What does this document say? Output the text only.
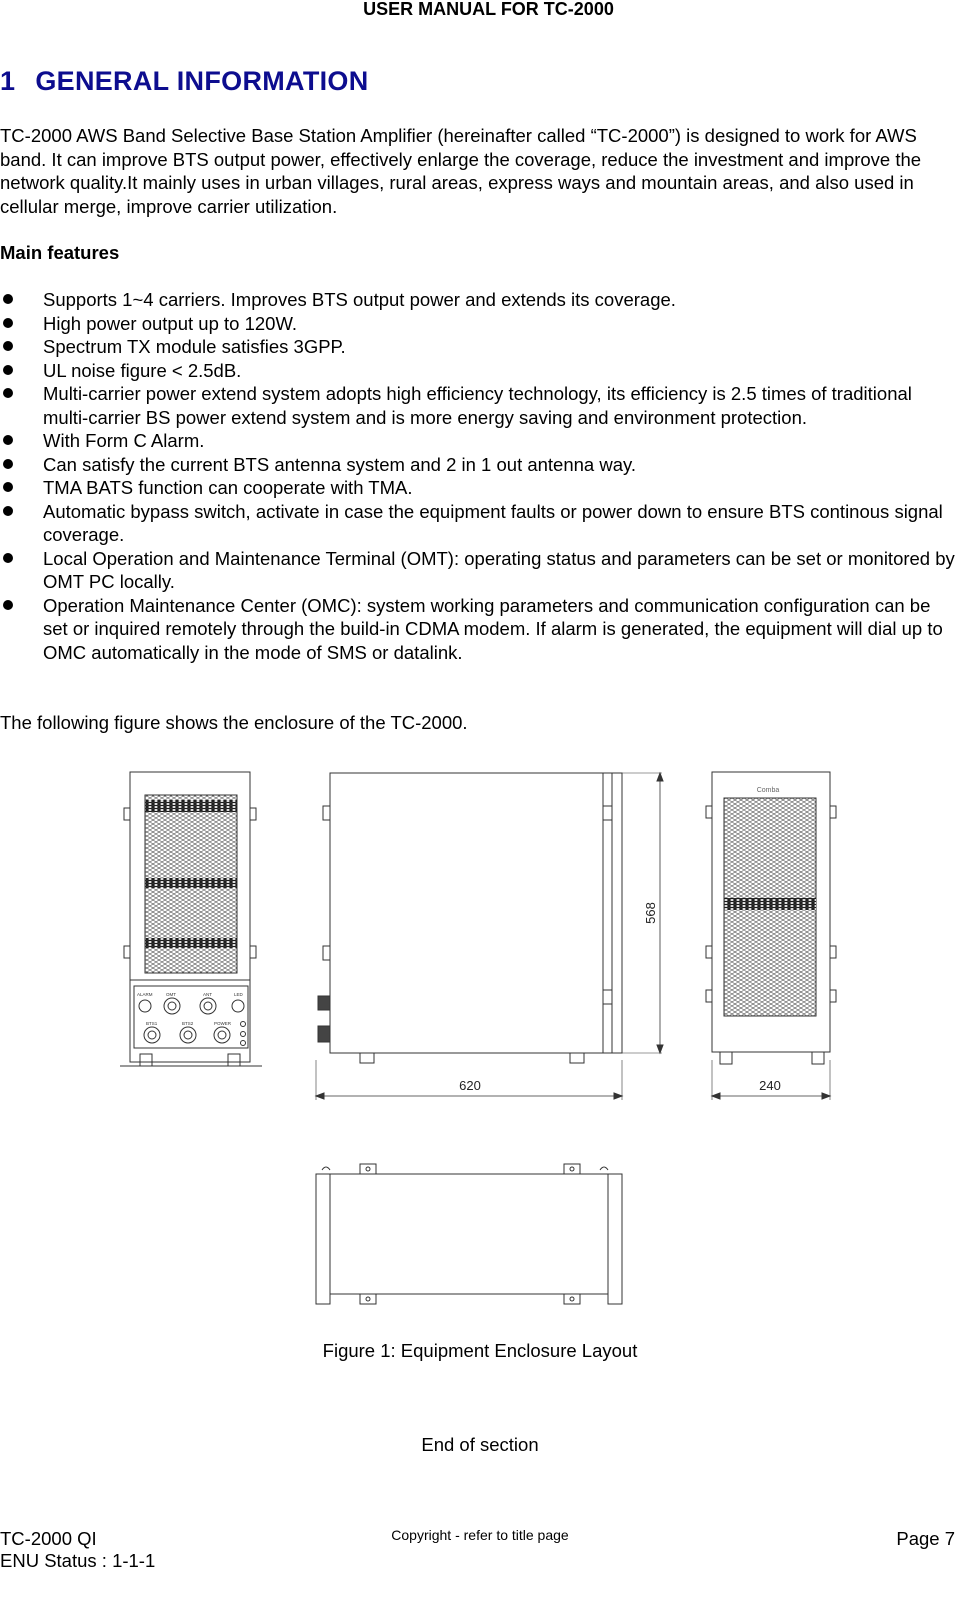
USER MANUAL FOR TC-2000
1 GENERAL INFORMATION
TC-2000 AWS Band Selective Base Station Amplifier (hereinafter called “TC-2000”) is designed to work for AWS band. It can improve BTS output power, effectively enlarge the coverage, reduce the investment and improve the network quality.It mainly uses in urban villages, rural areas, express ways and mountain areas, and also used in cellular merge, improve carrier utilization.
Main features
Supports 1~4 carriers. Improves BTS output power and extends its coverage.
High power output up to 120W.
Spectrum TX module satisfies 3GPP.
UL noise figure < 2.5dB.
Multi-carrier power extend system adopts high efficiency technology, its efficiency is 2.5 times of traditional multi-carrier BS power extend system and is more energy saving and environment protection.
With Form C Alarm.
Can satisfy the current BTS antenna system and 2 in 1 out antenna way.
TMA BATS function can cooperate with TMA.
Automatic bypass switch, activate in case the equipment faults or power down to ensure BTS continous signal coverage.
Local Operation and Maintenance Terminal (OMT): operating status and parameters can be set or monitored by OMT PC locally.
Operation Maintenance Center (OMC): system working parameters and communication configuration can be set or inquired remotely through the build-in CDMA modem. If alarm is generated, the equipment will dial up to OMC automatically in the mode of SMS or datalink.
The following figure shows the enclosure of the TC-2000.
ALARM	OMT	ANT	LED
BTS1	BTS2	POWER
568
620
Comba
240
Figure 1: Equipment Enclosure Layout
End of section
TC-2000 QI
ENU Status : 1-1-1
Copyright - refer to title page	Page 7
